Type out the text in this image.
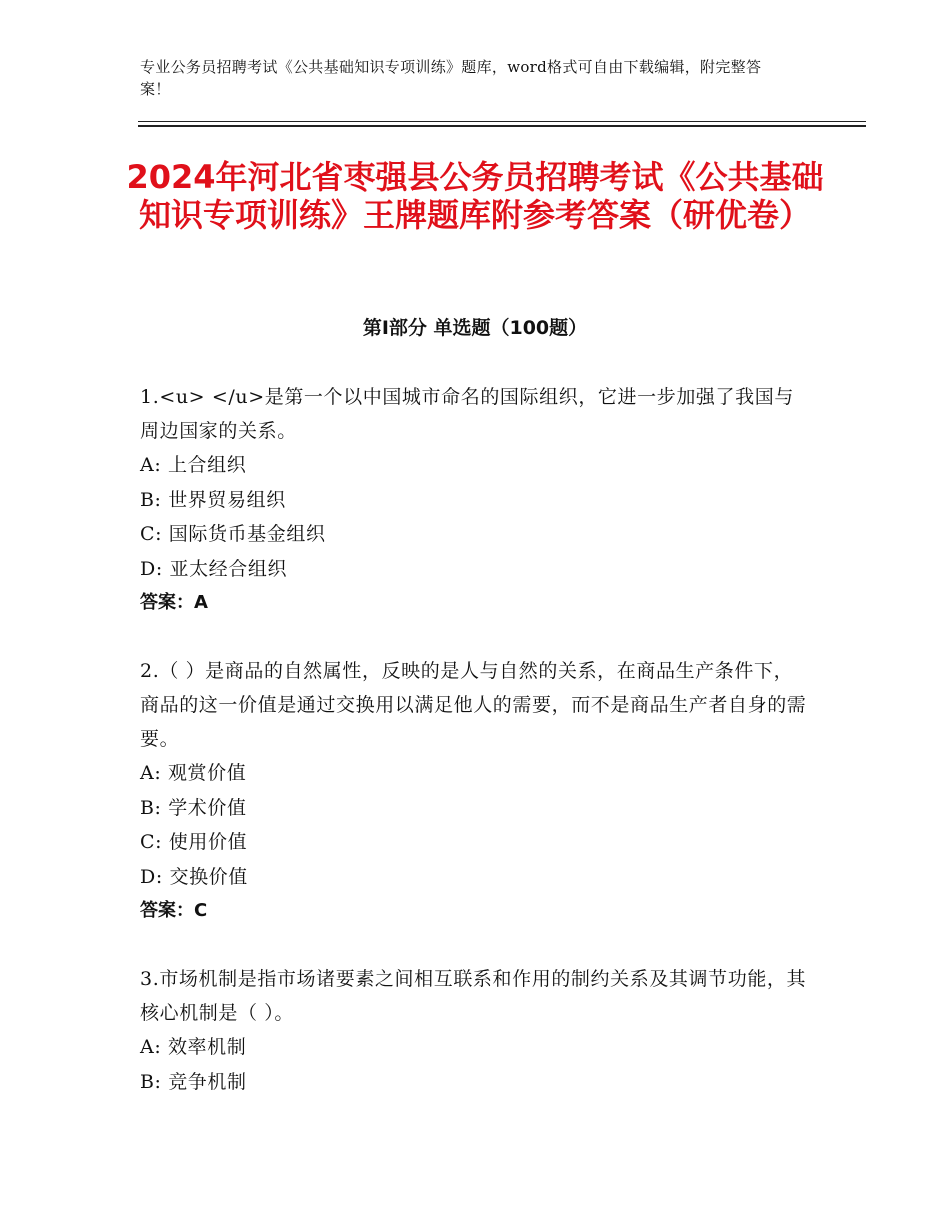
专业公务员招聘考试《公共基础知识专项训练》题库，word格式可自由下载编辑，附完整答案！
2024年河北省枣强县公务员招聘考试《公共基础知识专项训练》王牌题库附参考答案（研优卷）
第Ⅰ部分 单选题（100题）
1.<u> </u>是第一个以中国城市命名的国际组织，它进一步加强了我国与周边国家的关系。
A: 上合组织
B: 世界贸易组织
C: 国际货币基金组织
D: 亚太经合组织
答案：A
2.（ ）是商品的自然属性，反映的是人与自然的关系，在商品生产条件下，商品的这一价值是通过交换用以满足他人的需要，而不是商品生产者自身的需要。
A: 观赏价值
B: 学术价值
C: 使用价值
D: 交换价值
答案：C
3.市场机制是指市场诸要素之间相互联系和作用的制约关系及其调节功能，其核心机制是（ ）。
A: 效率机制
B: 竞争机制
